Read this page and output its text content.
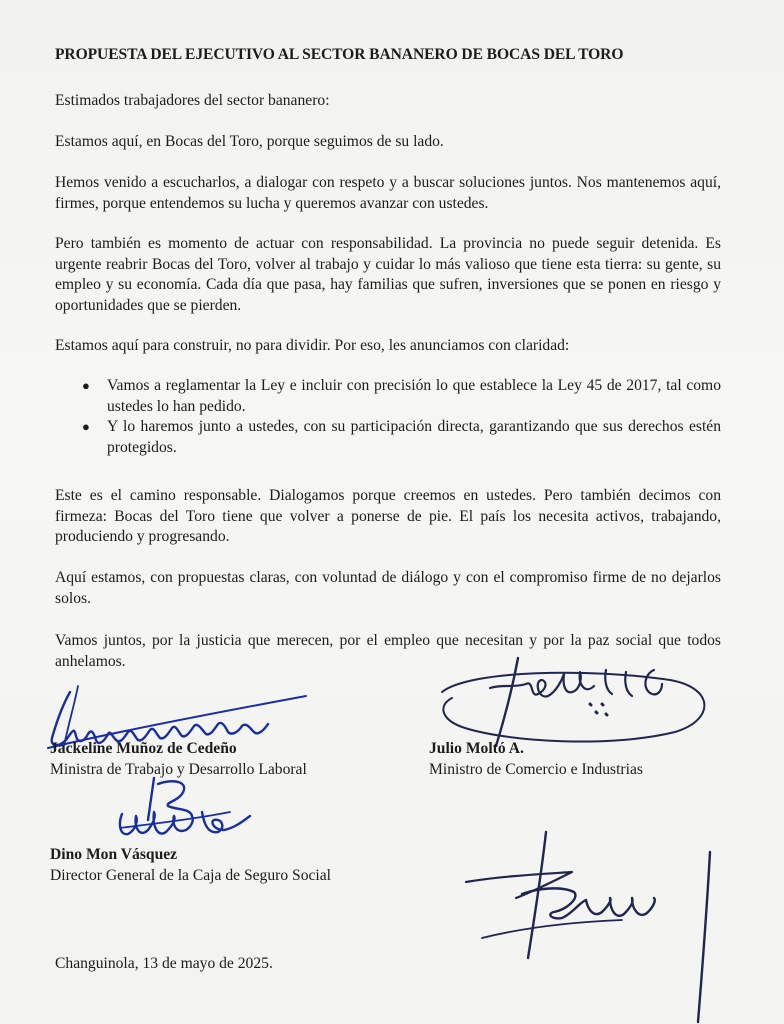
PROPUESTA DEL EJECUTIVO AL SECTOR BANANERO DE BOCAS DEL TORO

Estimados trabajadores del sector bananero:

Estamos aquí, en Bocas del Toro, porque seguimos de su lado.

Hemos venido a escucharlos, a dialogar con respeto y a buscar soluciones juntos. Nos mantenemos aquí, firmes, porque entendemos su lucha y queremos avanzar con ustedes.

Pero también es momento de actuar con responsabilidad. La provincia no puede seguir detenida. Es urgente reabrir Bocas del Toro, volver al trabajo y cuidar lo más valioso que tiene esta tierra: su gente, su empleo y su economía. Cada día que pasa, hay familias que sufren, inversiones que se ponen en riesgo y oportunidades que se pierden.

Estamos aquí para construir, no para dividir. Por eso, les anunciamos con claridad:

● Vamos a reglamentar la Ley e incluir con precisión lo que establece la Ley 45 de 2017, tal como ustedes lo han pedido.
● Y lo haremos junto a ustedes, con su participación directa, garantizando que sus derechos estén protegidos.

Este es el camino responsable. Dialogamos porque creemos en ustedes. Pero también decimos con firmeza: Bocas del Toro tiene que volver a ponerse de pie. El país los necesita activos, trabajando, produciendo y progresando.

Aquí estamos, con propuestas claras, con voluntad de diálogo y con el compromiso firme de no dejarlos solos.

Vamos juntos, por la justicia que merecen, por el empleo que necesitan y por la paz social que todos anhelamos.

Jackeline Muñoz de Cedeño
Ministra de Trabajo y Desarrollo Laboral
Julio Moltó A.
Ministro de Comercio e Industrias
Dino Mon Vásquez
Director General de la Caja de Seguro Social

Changuinola, 13 de mayo de 2025.
